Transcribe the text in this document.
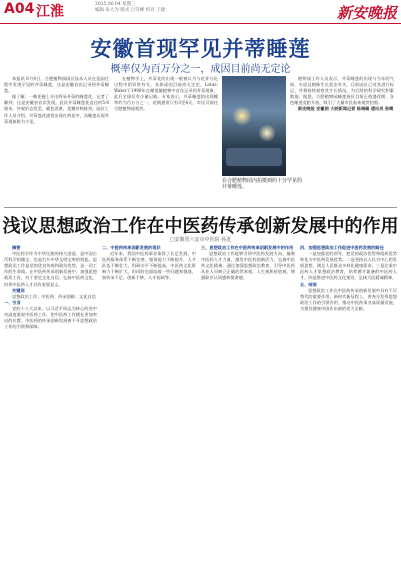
A04 江淮	2025.06.04 星期三
编辑 朱大为 版式 吕雪峰 校对 王捷	新安晚报
安徽首现罕见并蒂睡莲
概率仅为百万分之一，成因目前尚无定论

本报讯 6月4日，合肥植物园园区技术人员在巡园过程中发现罕见的并蒂睡莲，这是安徽首次记录到并蒂睡莲。

据了解，一株花梗上开出两朵并蒂的睡莲花，记者了解到，这是安徽省首次发现。此次并蒂睡莲花直径约5-6厘米，外观形态优美，颜色淡黄，花瓣对称排列。园区工作人员介绍，并蒂莲花通常出现在荷花中，而睡莲出现并蒂现象极为少见。

在植物学上，并蒂花的出现一般被认为与花芽分化过程中的异常有关，具体成因目前尚无定论。Lotus-Water于1990年在睡莲属植物中首次记录到并蒂现象，此后全球仅有少量记载。专家表示，并蒂睡莲的出现概率约为百万分之一，花期通常只有3至4天，市民可前往合肥植物园观赏。

在合肥植物园内拍摄到的十分罕见的并蒂睡莲。

植物园工作人员表示，并蒂睡莲的出现与当年的气候、水质及植株生长状态有关，目前园区已对其进行标记，并将持续观察其生长情况，为后续的科学研究积累数据。据悉，合肥植物园睡莲展区目前正值盛花期，各色睡莲竞相开放，吸引了大量市民前来观赏拍照。

新安晚报 安徽网 大皖新闻记者 陈瑞璐 通讯员 张晴

浅议思想政治工作在中医药传承创新发展中的作用
□安徽省六安市中医院 孙进

摘要

中医药学作为中华民族的伟大创造，是中国古代科学的瑰宝，也是打开中华文明宝库的钥匙。思想政治工作是党的优良传统和政治优势，是一切工作的生命线。在中医药传承创新发展中，加强思想政治工作，对于坚定文化自信、弘扬中医药文化、培养中医药人才具有重要意义。

关键词

思想政治工作；中医药；传承创新；文化自信

一、引言

党的十八大以来，以习近平同志为核心的党中央高度重视中医药工作，把中医药工作摆在更加突出的位置。中医药的传承创新发展离不开思想政治工作的引领和保障。

二、中医药传承创新发展的现状

近年来，我国中医药事业取得了长足发展，中医药服务体系不断完善，服务能力不断提升，人才队伍不断壮大，科研水平不断提高，中医药文化影响力不断扩大。但同时也面临着一些问题和挑战，如传承不足、创新不够、人才短缺等。

三、思想政治工作在中医药传承创新发展中的作用

思想政治工作能够引领中医药发展方向，凝聚中医药人才力量，激发中医药创新活力，弘扬中医药文化精神。通过加强思想政治教育，引导中医药从业人员树立正确的世界观、人生观和价值观，增强职业认同感和使命感。

四、加强思想政治工作促进中医药发展的路径

一是加强党的领导，把党的政治优势和组织优势转化为中医药发展优势。二是坚持以人民为中心的发展思想，满足人民群众多样化健康需求。三是注重中医药人才思想政治教育，培养德才兼备的中医药人才。四是推进中医药文化建设，弘扬大医精诚精神。

五、结语

思想政治工作在中医药传承创新发展中具有不可替代的重要作用。新时代新征程上，要充分发挥思想政治工作的引领作用，推动中医药事业高质量发展，为建设健康中国作出新的更大贡献。
